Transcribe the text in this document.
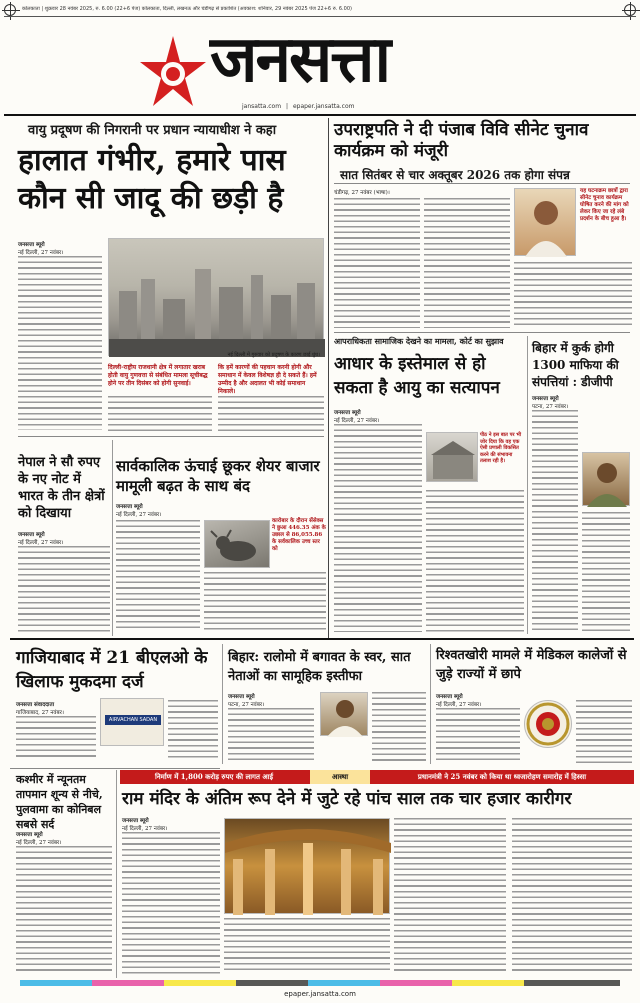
कोलकाता | शुक्रवार 28 नवंबर 2025, रु. 6.00 (22+6 पेज) कोलकाता, दिल्ली, लखनऊ और चंडीगढ़ से प्रकाशित (अवकाश: शनिवार, 29 नवंबर 2025 पेज 22+6 रु. 6.00)
जनसत्ता
jansatta.com | epaper.jansatta.com
वायु प्रदूषण की निगरानी पर प्रधान न्यायाधीश ने कहा
हालात गंभीर, हमारे पास कौन सी जादू की छड़ी है
जनसत्ता ब्यूरो
नई दिल्ली, 27 नवंबर।
नई दिल्ली में गुरुवार को प्रदूषण के कारण छाई धुंध।
दिल्ली-राष्ट्रीय राजधानी क्षेत्र में लगातार खराब होती वायु गुणवत्ता से संबंधित मामला सूचीबद्ध होने पर तीन दिसंबर को होगी सुनवाई।
कि हमें कारणों की पहचान करनी होगी और समाधान में केवल विशेषज्ञ ही दे सकते हैं। हमें उम्मीद है और अदालत भी कोई समाधान निकाले।
नेपाल ने सौ रुपए के नए नोट में भारत के तीन क्षेत्रों को दिखाया
जनसत्ता ब्यूरो
नई दिल्ली, 27 नवंबर।
सार्वकालिक ऊंचाई छूकर शेयर बाजार मामूली बढ़त के साथ बंद
जनसत्ता ब्यूरो
नई दिल्ली, 27 नवंबर।
कारोबार के दौरान सेंसेक्स ने छुआ 446.35 अंक के उछाल से 86,055.86 के सर्वकालिक उच्च स्तर को
उपराष्ट्रपति ने दी पंजाब विवि सीनेट चुनाव कार्यक्रम को मंजूरी
सात सितंबर से चार अक्तूबर 2026 तक होगा संपन्न
चंडीगढ़, 27 नवंबर (भाषा)।	यह घटनाक्रम छात्रों द्वारा सीनेट चुनाव कार्यक्रम घोषित करने की मांग को लेकर किए जा रहे लंबे प्रदर्शन के बीच हुआ है।
आपराधिकता सामाजिक देखने का मामला, कोर्ट का सुझाव
आधार के इस्तेमाल से हो सकता है आयु का सत्यापन
जनसत्ता ब्यूरो
नई दिल्ली, 27 नवंबर।
पीठ ने इस बात पर भी जोर दिया कि वह एक ऐसी प्रणाली विकसित करने की संभावना तलाश रही है।
बिहार में कुर्क होगी 1300 माफिया की संपत्तियां : डीजीपी
जनसत्ता ब्यूरो
पटना, 27 नवंबर।
गाजियाबाद में 21 बीएलओ के खिलाफ मुकदमा दर्ज
जनसत्ता संवाददाता
गाजियाबाद, 27 नवंबर।
AIRVACHAN SADAN
बिहार: रालोमो में बगावत के स्वर, सात नेताओं का सामूहिक इस्तीफा
जनसत्ता ब्यूरो
पटना, 27 नवंबर।
रिश्वतखोरी मामले में मेडिकल कालेजों से जुड़े राज्यों में छापे
जनसत्ता ब्यूरो
नई दिल्ली, 27 नवंबर।
कश्मीर में न्यूनतम तापमान शून्य से नीचे, पुलवामा का कोनिबल सबसे सर्द
जनसत्ता ब्यूरो
नई दिल्ली, 27 नवंबर।
निर्माण में 1,800 करोड़ रुपए की लागत आई	आस्था	प्रधानमंत्री ने 25 नवंबर को किया था ध्वजारोहण समारोह में हिस्सा
राम मंदिर के अंतिम रूप देने में जुटे रहे पांच साल तक चार हजार कारीगर
जनसत्ता ब्यूरो
नई दिल्ली, 27 नवंबर।
epaper.jansatta.com
